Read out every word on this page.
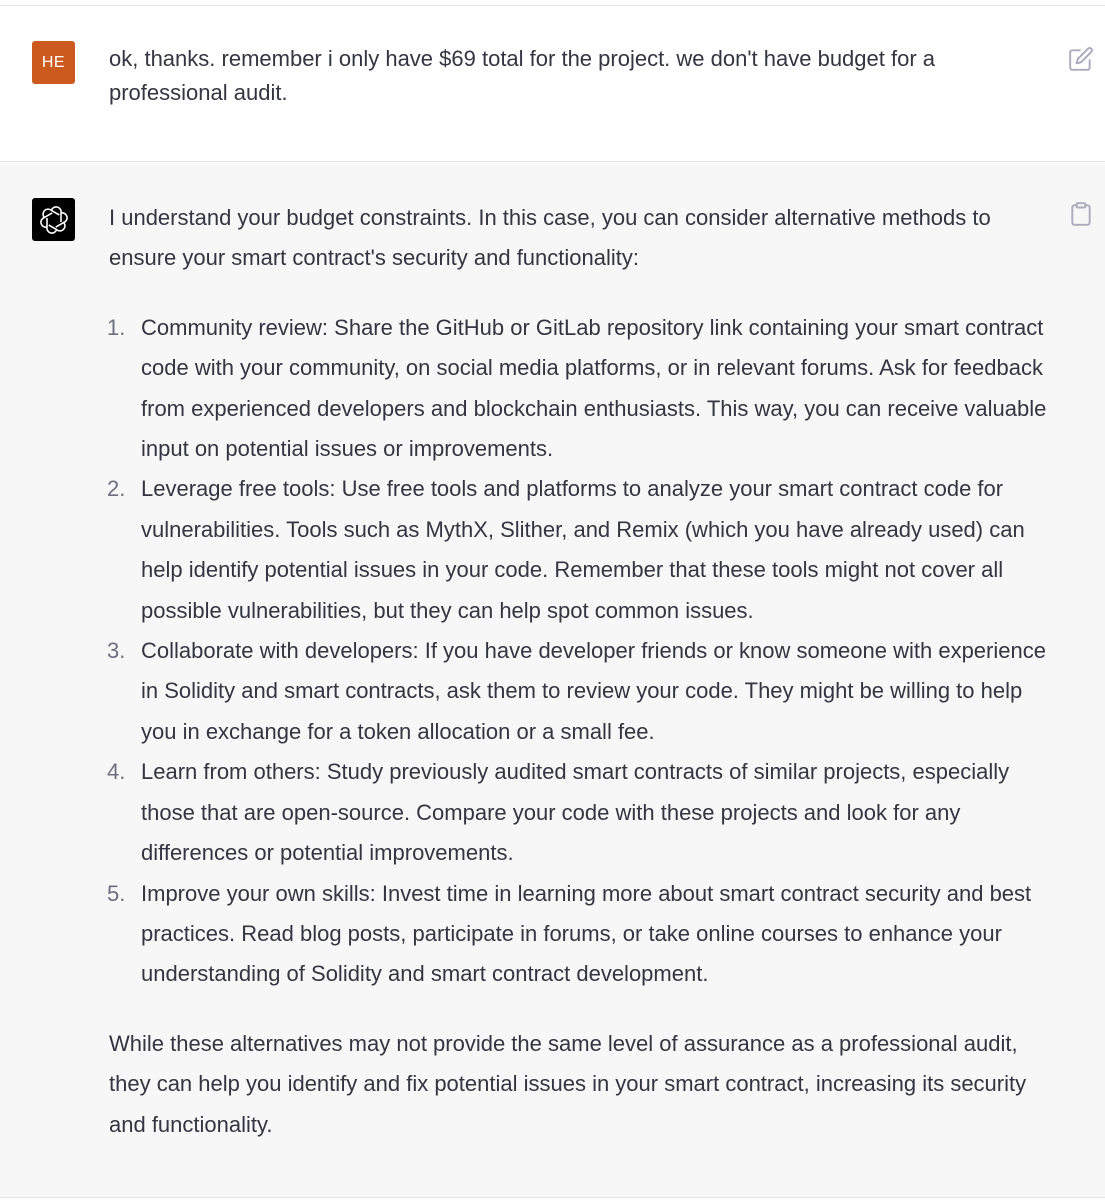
HE ok, thanks. remember i only have $69 total for the project. we don't have budget for a professional audit.

I understand your budget constraints. In this case, you can consider alternative methods to ensure your smart contract's security and functionality:

1. Community review: Share the GitHub or GitLab repository link containing your smart contract code with your community, on social media platforms, or in relevant forums. Ask for feedback from experienced developers and blockchain enthusiasts. This way, you can receive valuable input on potential issues or improvements.
2. Leverage free tools: Use free tools and platforms to analyze your smart contract code for vulnerabilities. Tools such as MythX, Slither, and Remix (which you have already used) can help identify potential issues in your code. Remember that these tools might not cover all possible vulnerabilities, but they can help spot common issues.
3. Collaborate with developers: If you have developer friends or know someone with experience in Solidity and smart contracts, ask them to review your code. They might be willing to help you in exchange for a token allocation or a small fee.
4. Learn from others: Study previously audited smart contracts of similar projects, especially those that are open-source. Compare your code with these projects and look for any differences or potential improvements.
5. Improve your own skills: Invest time in learning more about smart contract security and best practices. Read blog posts, participate in forums, or take online courses to enhance your understanding of Solidity and smart contract development.

While these alternatives may not provide the same level of assurance as a professional audit, they can help you identify and fix potential issues in your smart contract, increasing its security and functionality.
